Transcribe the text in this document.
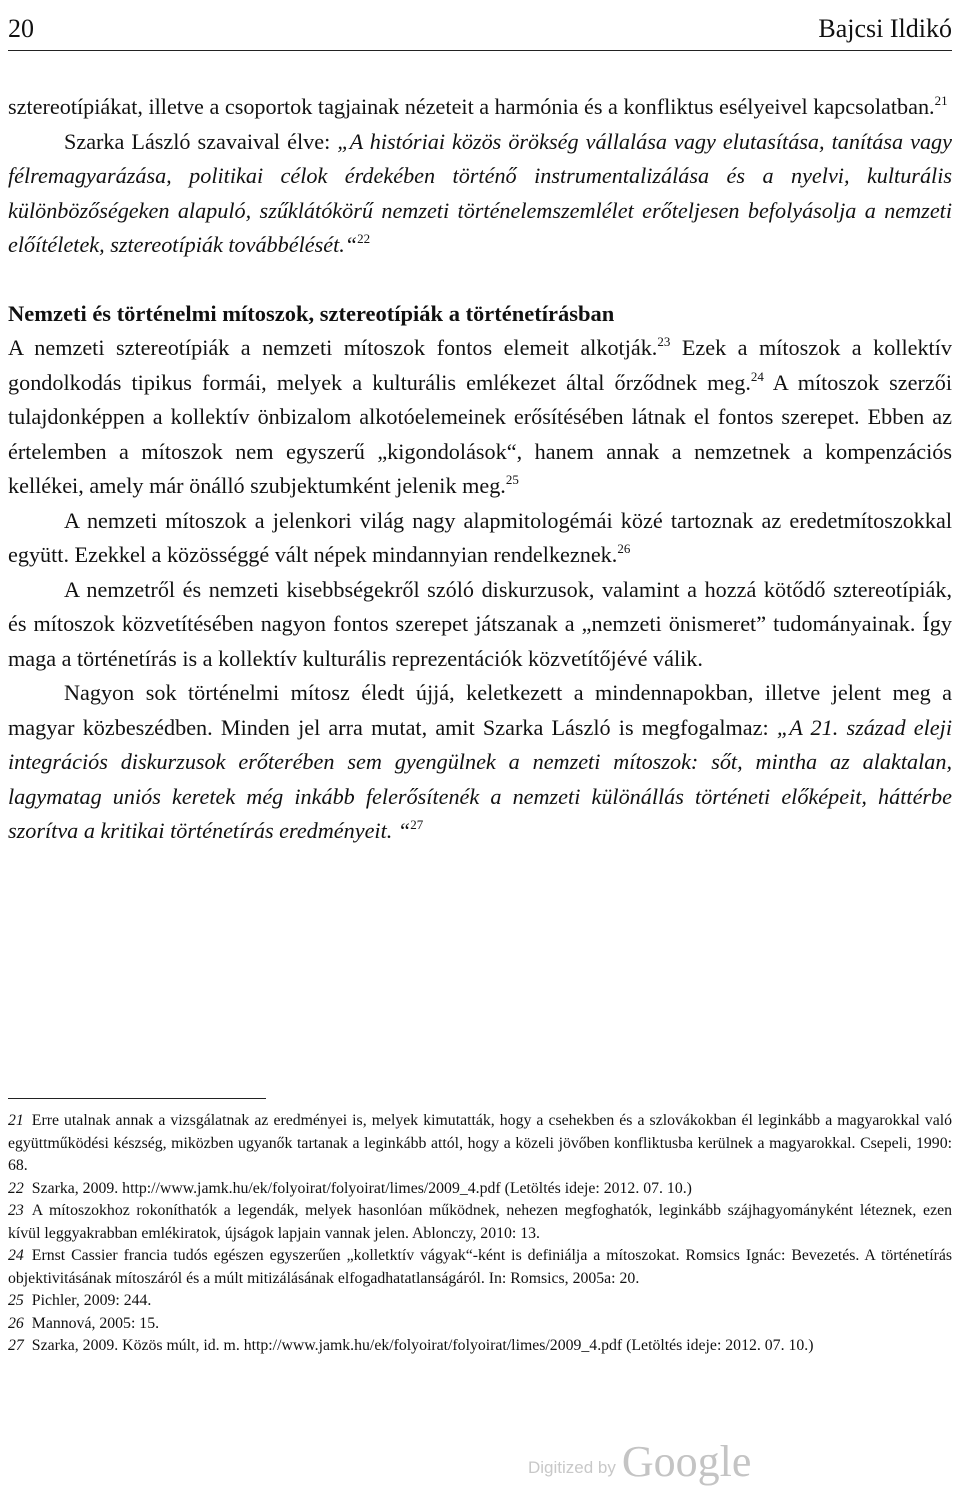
20	Bajcsi Ildikó

sztereotípiákat, illetve a csoportok tagjainak nézeteit a harmónia és a konfliktus esélyeivel kapcsolatban.$^{21}$

Szarka László szavaival élve: „A históriai közös örökség vállalása vagy elutasítása, tanítása vagy félremagyarázása, politikai célok érdekében történő instrumentalizálása és a nyelvi, kulturális különbözőségeken alapuló, szűklátókörű nemzeti történelemszemlélet erőteljesen befolyásolja a nemzeti előítéletek, sztereotípiák továbbélését.“$^{22}$

Nemzeti és történelmi mítoszok, sztereotípiák a történetírásban

A nemzeti sztereotípiák a nemzeti mítoszok fontos elemeit alkotják.$^{23}$ Ezek a mítoszok a kollektív gondolkodás tipikus formái, melyek a kulturális emlékezet által őrződnek meg.$^{24}$ A mítoszok szerzői tulajdonképpen a kollektív önbizalom alkotóelemeinek erősítésében látnak el fontos szerepet. Ebben az értelemben a mítoszok nem egyszerű „kigondolások“, hanem annak a nemzetnek a kompenzációs kellékei, amely már önálló szubjektumként jelenik meg.$^{25}$

A nemzeti mítoszok a jelenkori világ nagy alapmitologémái közé tartoznak az eredetmítoszokkal együtt. Ezekkel a közösséggé vált népek mindannyian rendelkeznek.$^{26}$

A nemzetről és nemzeti kisebbségekről szóló diskurzusok, valamint a hozzá kötődő sztereotípiák, és mítoszok közvetítésében nagyon fontos szerepet játszanak a „nemzeti önismeret” tudományainak. Így maga a történetírás is a kollektív kulturális reprezentációk közvetítőjévé válik.

Nagyon sok történelmi mítosz éledt újjá, keletkezett a mindennapokban, illetve jelent meg a magyar közbeszédben. Minden jel arra mutat, amit Szarka László is megfogalmaz: „A 21. század eleji integrációs diskurzusok erőterében sem gyengülnek a nemzeti mítoszok: sőt, mintha az alaktalan, lagymatag uniós keretek még inkább felerősítenék a nemzeti különállás történeti előképeit, háttérbe szorítva a kritikai történetírás eredményeit. “$^{27}$

21 Erre utalnak annak a vizsgálatnak az eredményei is, melyek kimutatták, hogy a csehekben és a szlovákokban él leginkább a magyarokkal való együttműködési készség, miközben ugyanők tartanak a leginkább attól, hogy a közeli jövőben konfliktusba kerülnek a magyarokkal. Csepeli, 1990: 68.

22 Szarka, 2009. http://www.jamk.hu/ek/folyoirat/folyoirat/limes/2009_4.pdf (Letöltés ideje: 2012. 07. 10.)

23 A mítoszokhoz rokoníthatók a legendák, melyek hasonlóan működnek, nehezen megfoghatók, leginkább szájhagyományként léteznek, ezen kívül leggyakrabban emlékiratok, újságok lapjain vannak jelen. Ablonczy, 2010: 13.

24 Ernst Cassier francia tudós egészen egyszerűen „kolletktív vágyak“-ként is definiálja a mítoszokat. Romsics Ignác: Bevezetés. A történetírás objektivitásának mítoszáról és a múlt mitizálásának elfogadhatatlanságáról. In: Romsics, 2005a: 20.

25 Pichler, 2009: 244.

26 Mannová, 2005: 15.

27 Szarka, 2009. Közös múlt, id. m. http://www.jamk.hu/ek/folyoirat/folyoirat/limes/2009_4.pdf (Letöltés ideje: 2012. 07. 10.)

Digitized by Google
